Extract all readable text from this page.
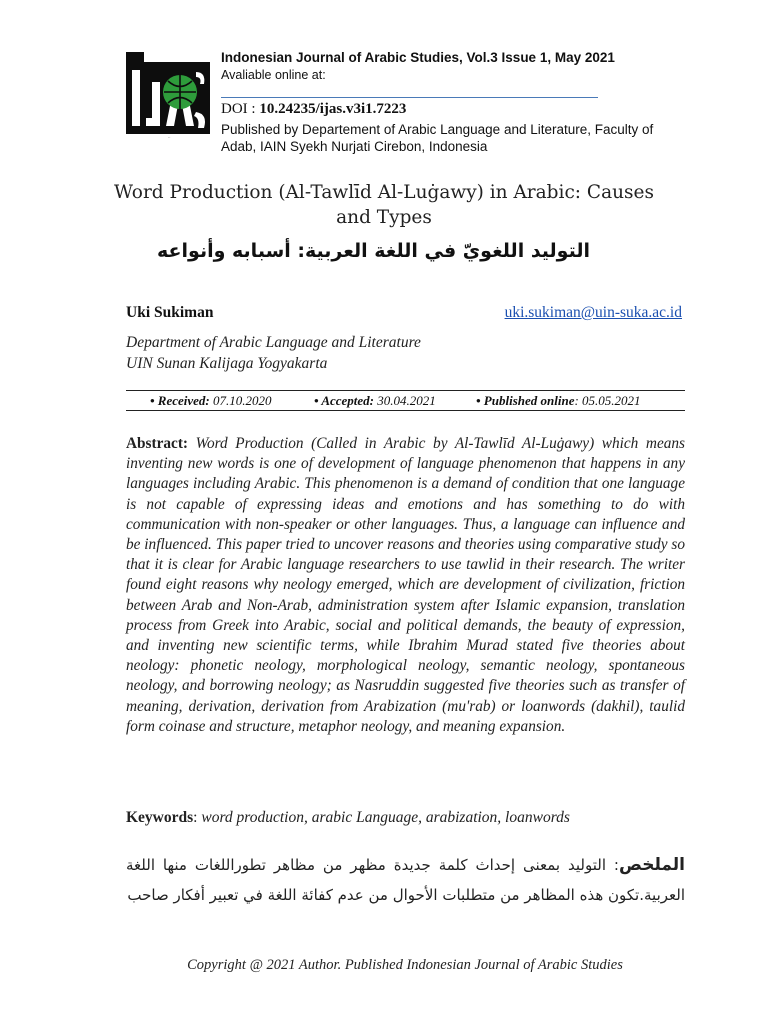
IJAS
Indonesian Journal of Arabic Studies, Vol.3 Issue 1, May 2021
Avaliable online at:
DOI : 10.24235/ijas.v3i1.7223
Published by Departement of Arabic Language and Literature, Faculty of Adab, IAIN Syekh Nurjati Cirebon, Indonesia
Word Production (Al-Tawlīd Al-Luġawy) in Arabic: Causes and Types
التوليد اللغويّ في اللغة العربية: أسبابه وأنواعه
Uki Sukiman	uki.sukiman@uin-suka.ac.id
Department of Arabic Language and Literature
UIN Sunan Kalijaga Yogyakarta
• Received: 07.10.2020	• Accepted: 30.04.2021	• Published online: 05.05.2021
Abstract: Word Production (Called in Arabic by Al-Tawlīd Al-Luġawy) which means inventing new words is one of development of language phenomenon that happens in any languages including Arabic. This phenomenon is a demand of condition that one language is not capable of expressing ideas and emotions and has something to do with communication with non-speaker or other languages. Thus, a language can influence and be influenced. This paper tried to uncover reasons and theories using comparative study so that it is clear for Arabic language researchers to use tawlid in their research. The writer found eight reasons why neology emerged, which are development of civilization, friction between Arab and Non-Arab, administration system after Islamic expansion, translation process from Greek into Arabic, social and political demands, the beauty of expression, and inventing new scientific terms, while Ibrahim Murad stated five theories about neology: phonetic neology, morphological neology, semantic neology, spontaneous neology, and borrowing neology; as Nasruddin suggested five theories such as transfer of meaning, derivation, derivation from Arabization (mu'rab) or loanwords (dakhil), taulid form coinase and structure, metaphor neology, and meaning expansion.
Keywords: word production, arabic Language, arabization, loanwords
الملخص: التوليد بمعنى إحداث كلمة جديدة مظهر من مظاهر تطوراللغات منها اللغة العربية.تكون هذه المظاهر من متطلبات الأحوال من عدم كفائة اللغة في تعبير أفكار صاحب
Copyright @ 2021 Author. Published Indonesian Journal of Arabic Studies
